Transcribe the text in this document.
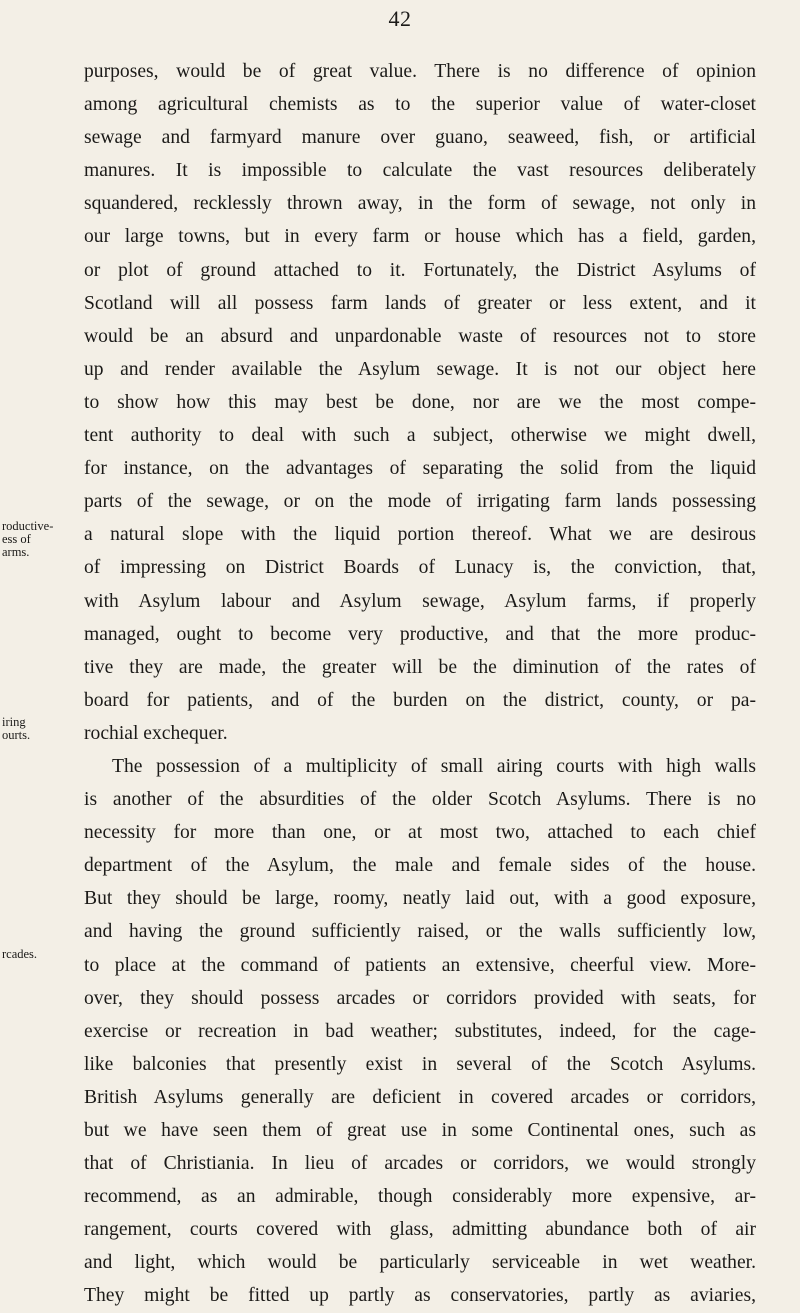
42
roductive-
ess of
arms.
iring
ourts.
rcades.
purposes, would be of great value. There is no difference of opinion
among agricultural chemists as to the superior value of water-closet
sewage and farmyard manure over guano, seaweed, fish, or artificial
manures. It is impossible to calculate the vast resources deliberately
squandered, recklessly thrown away, in the form of sewage, not only in
our large towns, but in every farm or house which has a field, garden,
or plot of ground attached to it. Fortunately, the District Asylums of
Scotland will all possess farm lands of greater or less extent, and it
would be an absurd and unpardonable waste of resources not to store
up and render available the Asylum sewage. It is not our object here
to show how this may best be done, nor are we the most compe-
tent authority to deal with such a subject, otherwise we might dwell,
for instance, on the advantages of separating the solid from the liquid
parts of the sewage, or on the mode of irrigating farm lands possessing
a natural slope with the liquid portion thereof. What we are desirous
of impressing on District Boards of Lunacy is, the conviction, that,
with Asylum labour and Asylum sewage, Asylum farms, if properly
managed, ought to become very productive, and that the more produc-
tive they are made, the greater will be the diminution of the rates of
board for patients, and of the burden on the district, county, or pa-
rochial exchequer.
The possession of a multiplicity of small airing courts with high walls
is another of the absurdities of the older Scotch Asylums. There is no
necessity for more than one, or at most two, attached to each chief
department of the Asylum, the male and female sides of the house.
But they should be large, roomy, neatly laid out, with a good exposure,
and having the ground sufficiently raised, or the walls sufficiently low,
to place at the command of patients an extensive, cheerful view. More-
over, they should possess arcades or corridors provided with seats, for
exercise or recreation in bad weather; substitutes, indeed, for the cage-
like balconies that presently exist in several of the Scotch Asylums.
British Asylums generally are deficient in covered arcades or corridors,
but we have seen them of great use in some Continental ones, such as
that of Christiania. In lieu of arcades or corridors, we would strongly
recommend, as an admirable, though considerably more expensive, ar-
rangement, courts covered with glass, admitting abundance both of air
and light, which would be particularly serviceable in wet weather.
They might be fitted up partly as conservatories, partly as aviaries,
